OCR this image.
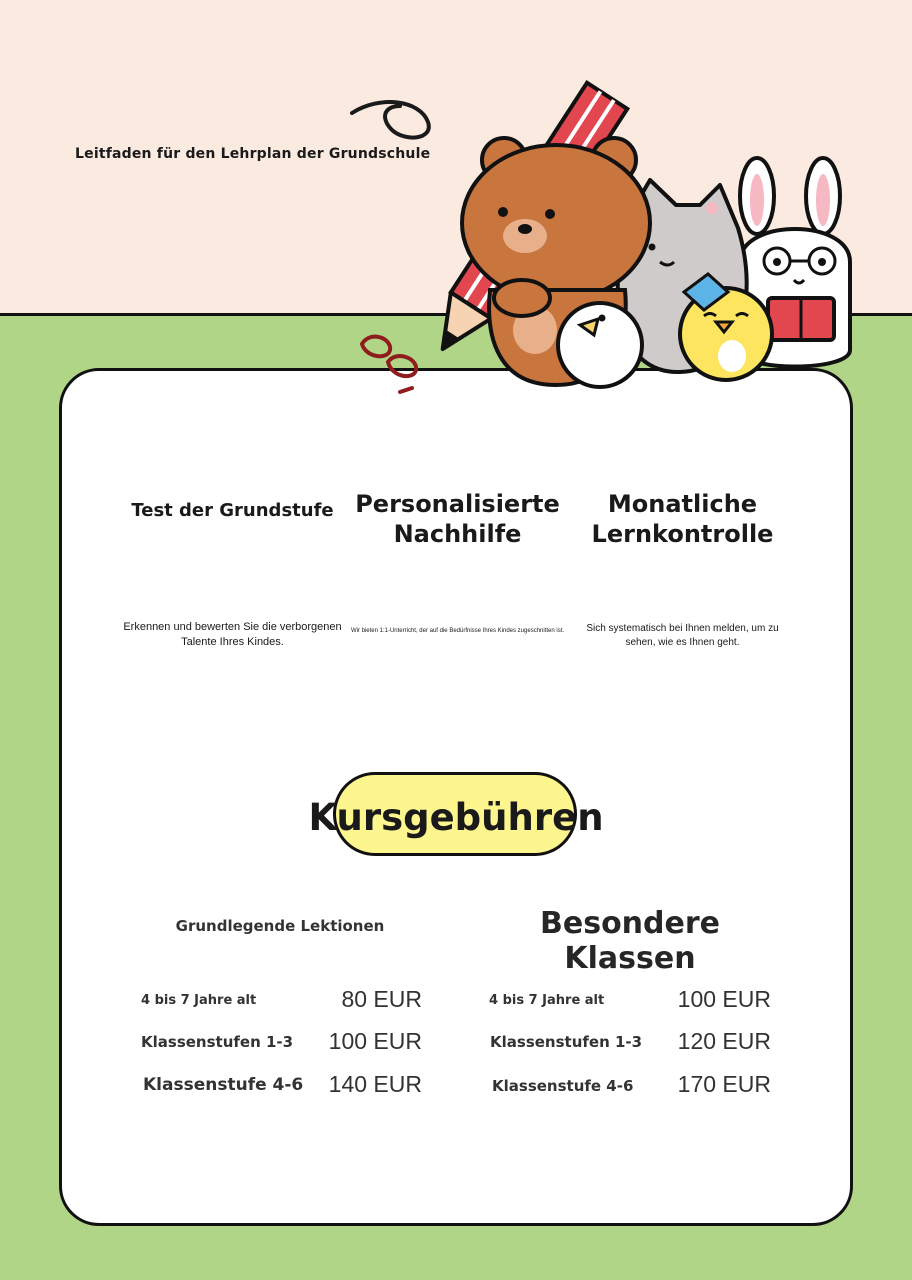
Leitfaden für den Lehrplan der Grundschule
Test der Grundstufe Personalisierte Nachhilfe
Monatliche Lernkontrolle
Erkennen und bewerten Sie die verborgenen Talente Ihres Kindes.
Wir bieten 1:1-Unterricht, der auf die Bedürfnisse Ihres Kindes zugeschnitten ist.	Sich systematisch bei Ihnen melden, um zu sehen, wie es Ihnen geht.
Kursgebühren
Grundlegende Lektionen	Besondere Klassen
4 bis 7 Jahre alt	80 EUR
Klassenstufen 1-3	100 EUR
Klassenstufe 4-6	140 EUR
4 bis 7 Jahre alt	100 EUR
Klassenstufen 1-3	120 EUR
Klassenstufe 4-6	170 EUR
